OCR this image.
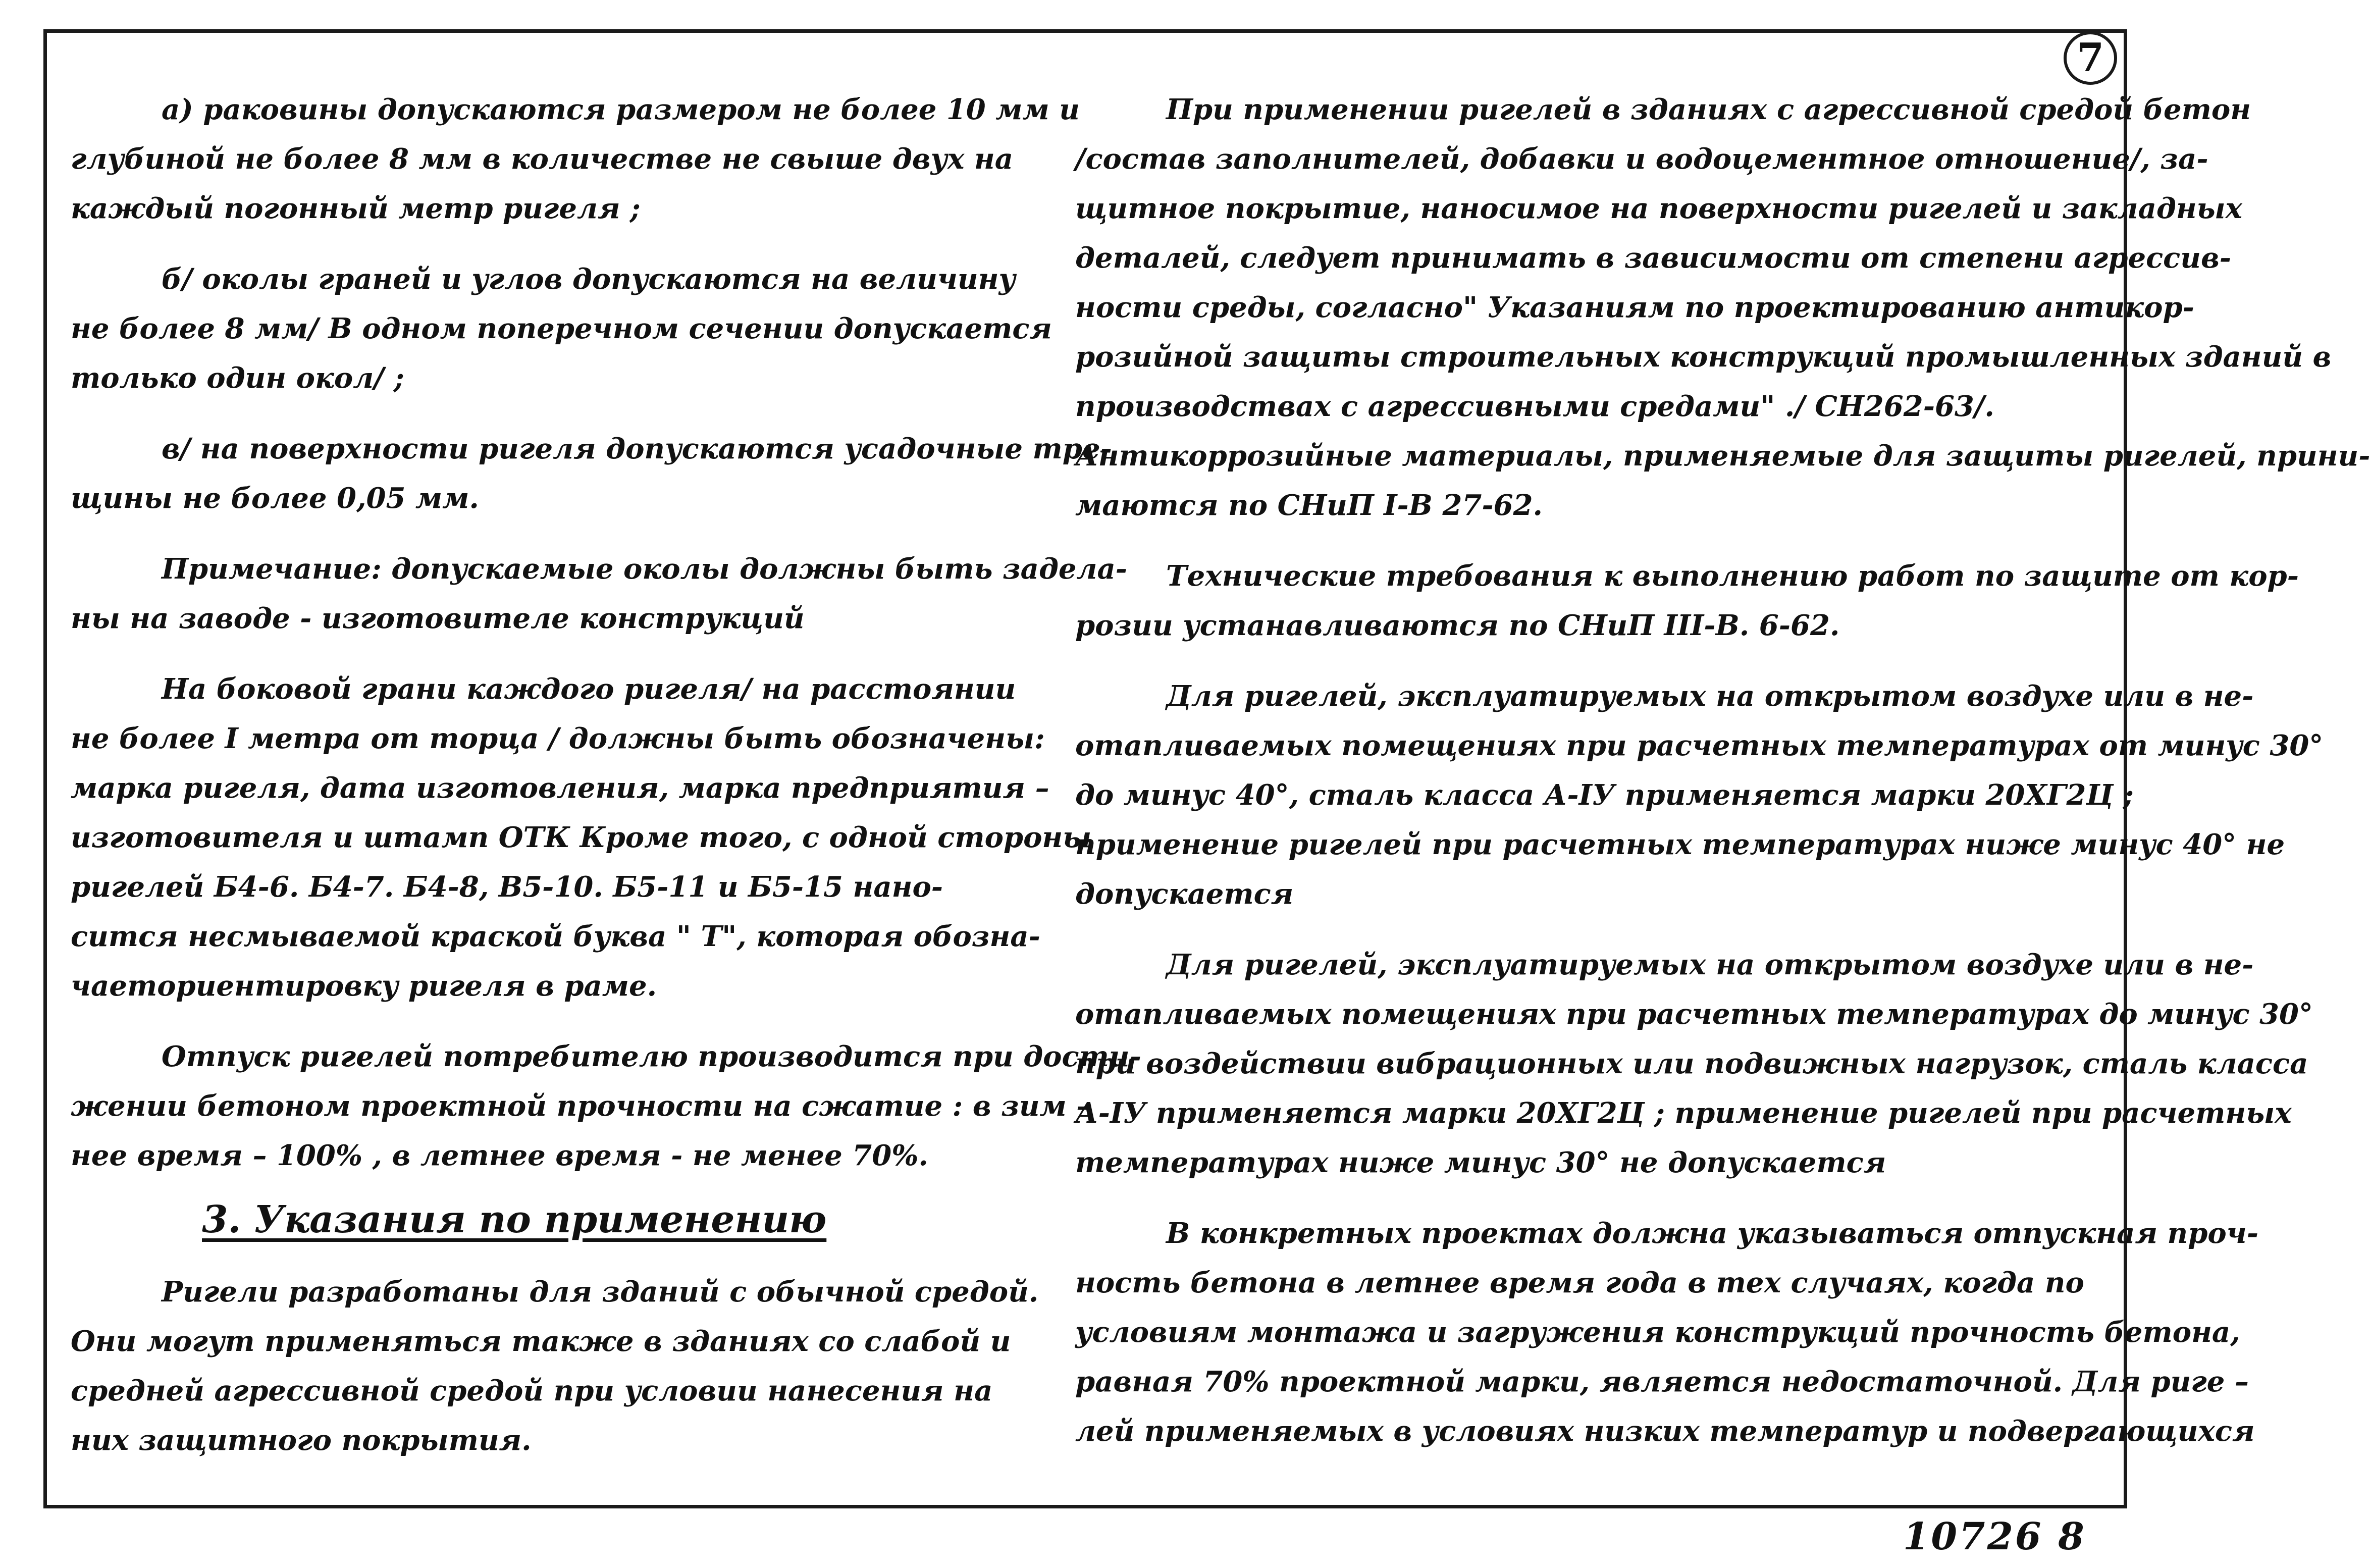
7
а) раковины допускаются размером не более 10 мм и
глубиной не более 8 мм в количестве не свыше двух на
каждый погонный метр ригеля ;
б/ околы граней и углов допускаются на величину
не более 8 мм/ В одном поперечном сечении допускается
только один окол/ ;
в/ на поверхности ригеля допускаются усадочные тре-
щины не более 0,05 мм.
Примечание: допускаемые околы должны быть задела-
ны на заводе - изготовителе конструкций
На боковой грани каждого ригеля/ на расстоянии
не более I метра от торца / должны быть обозначены:
марка ригеля, дата изготовления, марка предприятия –
изготовителя и штамп ОТК Кроме того, с одной стороны
ригелей Б4-6. Б4-7. Б4-8, В5-10. Б5-11 и Б5-15 нано-
сится несмываемой краской буква " Т", которая обозна-
чаеториентировку ригеля в раме.
Отпуск ригелей потребителю производится при дости-
жении бетоном проектной прочности на сжатие : в зим –
нее время – 100% , в летнее время - не менее 70%.
3. Указания по применению
Ригели разработаны для зданий с обычной средой.
Они могут применяться также в зданиях со слабой и
средней агрессивной средой при условии нанесения на
них защитного покрытия.
При применении ригелей в зданиях с агрессивной средой бетон
/состав заполнителей, добавки и водоцементное отношение/, за-
щитное покрытие, наносимое на поверхности ригелей и закладных
деталей, следует принимать в зависимости от степени агрессив-
ности среды, согласно" Указаниям по проектированию антикор-
розийной защиты строительных конструкций промышленных зданий в
производствах с агрессивными средами" ./ СН262-63/.
Антикоррозийные материалы, применяемые для защиты ригелей, прини-
маются по СНиП I-В 27-62.
Технические требования к выполнению работ по защите от кор-
розии устанавливаются по СНиП III-В. 6-62.
Для ригелей, эксплуатируемых на открытом воздухе или в не-
отапливаемых помещениях при расчетных температурах от минус 30°
до минус 40°, сталь класса А-IУ применяется марки 20ХГ2Ц ;
применение ригелей при расчетных температурах ниже минус 40° не
допускается
Для ригелей, эксплуатируемых на открытом воздухе или в не-
отапливаемых помещениях при расчетных температурах до минус 30°
при воздействии вибрационных или подвижных нагрузок, сталь класса
А-IУ применяется марки 20ХГ2Ц ; применение ригелей при расчетных
температурах ниже минус 30° не допускается
В конкретных проектах должна указываться отпускная проч-
ность бетона в летнее время года в тех случаях, когда по
условиям монтажа и загружения конструкций прочность бетона,
равная 70% проектной марки, является недостаточной. Для риге –
лей применяемых в условиях низких температур и подвергающихся
10726 8
